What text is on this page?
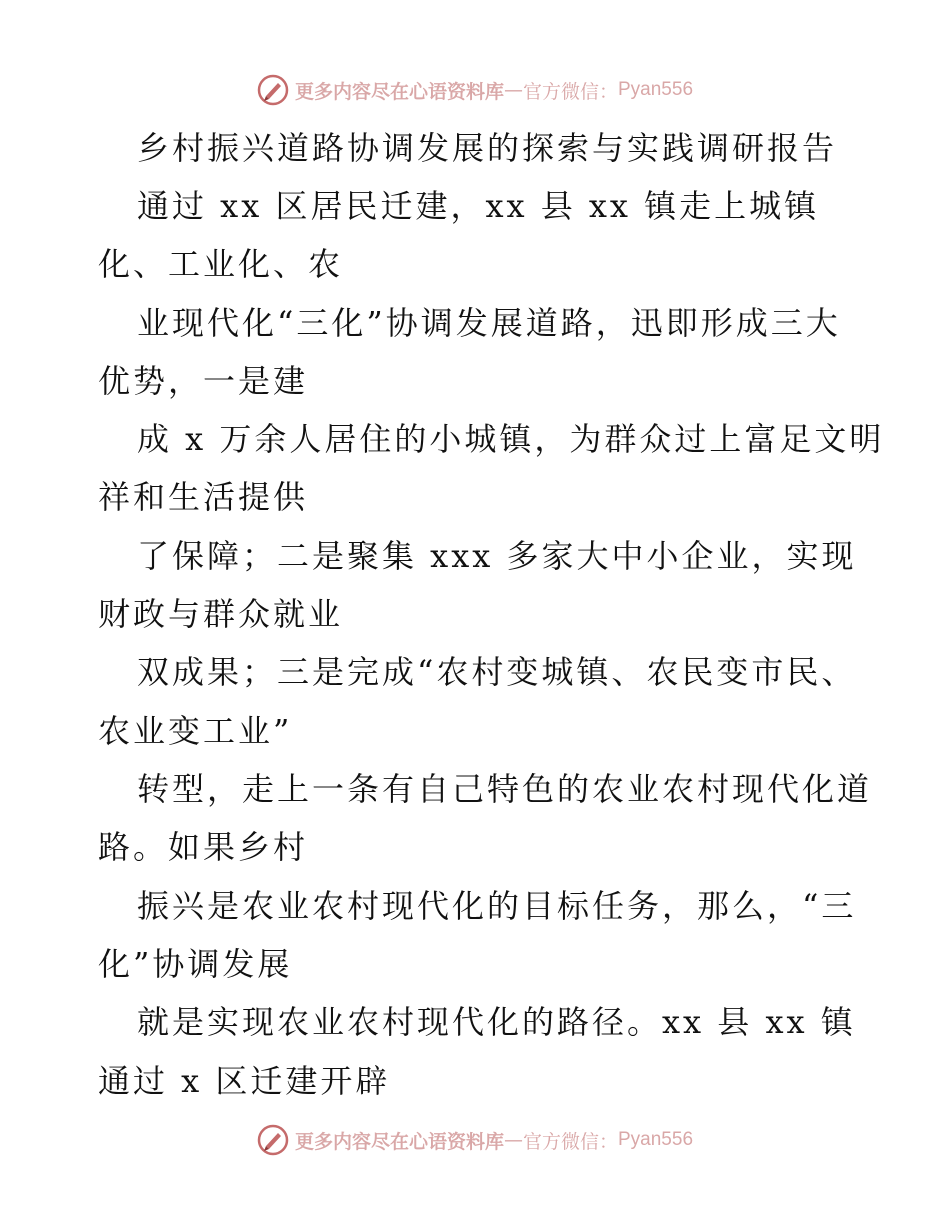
更多内容尽在心语资料库 — 官方微信： Pyan556
乡村振兴道路协调发展的探索与实践调研报告
通过 xx 区居民迁建，xx 县 xx 镇走上城镇
化、工业化、农
业现代化“三化”协调发展道路，迅即形成三大
优势，一是建
成 x 万余人居住的小城镇，为群众过上富足文明
祥和生活提供
了保障；二是聚集 xxx 多家大中小企业，实现
财政与群众就业
双成果；三是完成“农村变城镇、农民变市民、
农业变工业”
转型，走上一条有自己特色的农业农村现代化道
路。如果乡村
振兴是农业农村现代化的目标任务，那么，“三
化”协调发展
就是实现农业农村现代化的路径。xx 县 xx 镇
通过 x 区迁建开辟
更多内容尽在心语资料库 — 官方微信： Pyan556
